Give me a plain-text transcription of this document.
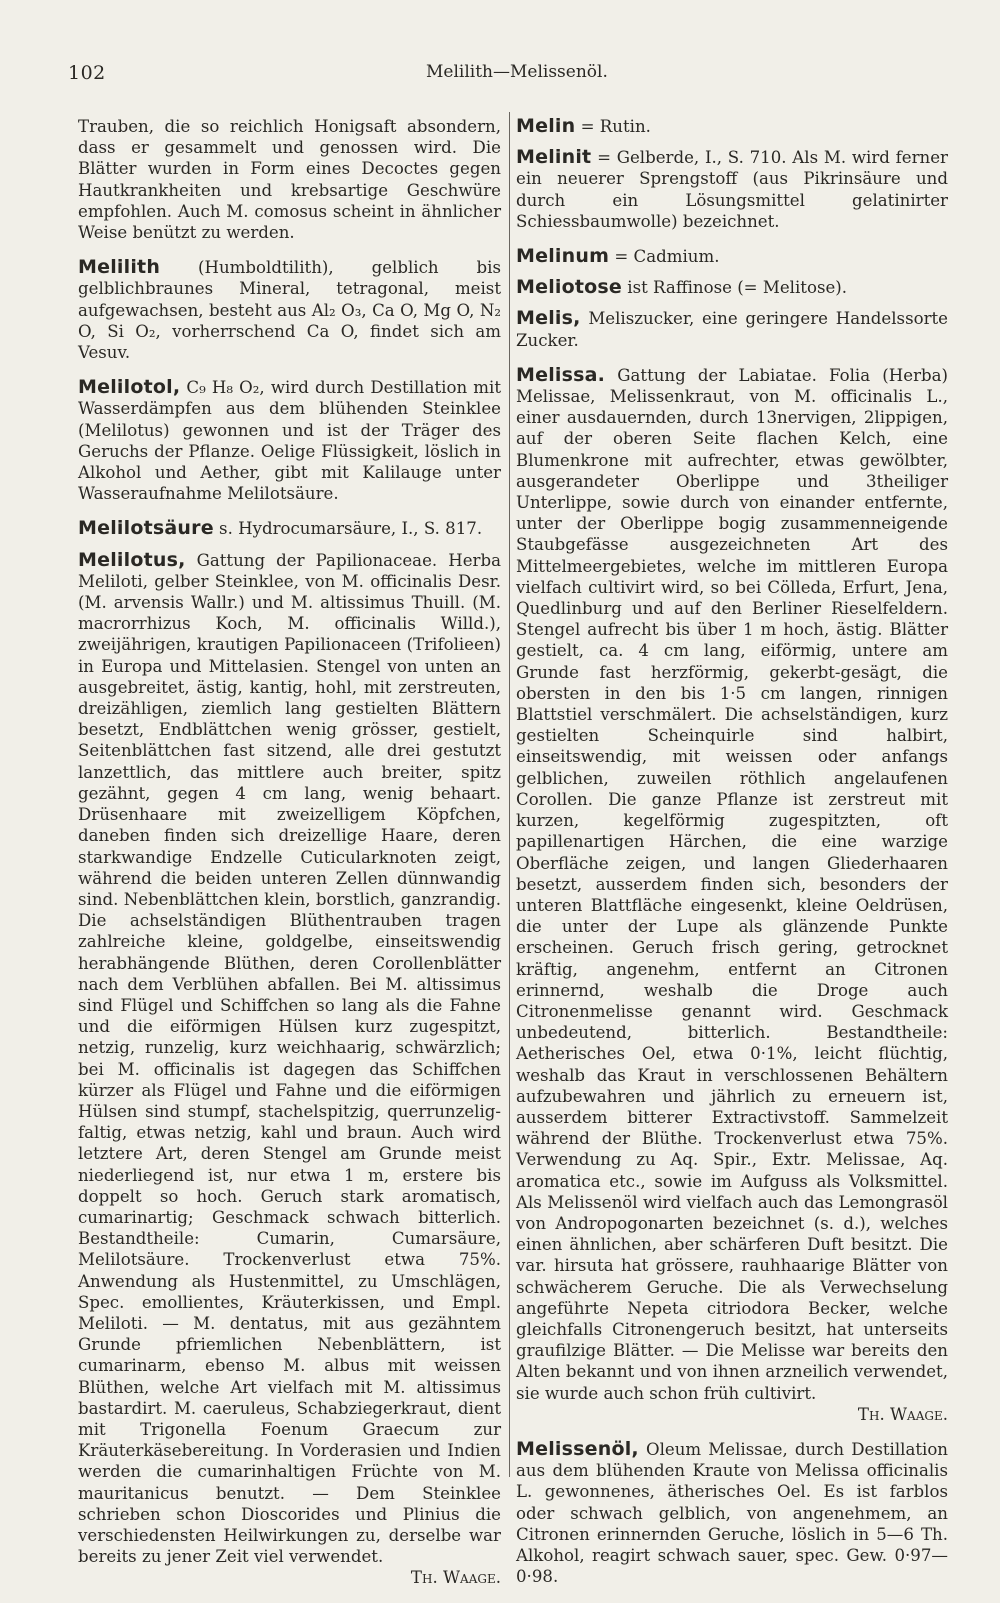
102	Melilith—Melissenöl.

Trauben, die so reichlich Honigsaft absondern, dass er gesammelt und genossen wird. Die Blätter wurden in Form eines Decoctes gegen Hautkrankheiten und krebsartige Geschwüre empfohlen. Auch M. comosus scheint in ähnlicher Weise benützt zu werden.

Melilith (Humboldtilith), gelblich bis gelblichbraunes Mineral, tetragonal, meist aufgewachsen, besteht aus Al₂ O₃, Ca O, Mg O, N₂ O, Si O₂, vorherrschend Ca O, findet sich am Vesuv.

Melilotol, C₉ H₈ O₂, wird durch Destillation mit Wasserdämpfen aus dem blühenden Steinklee (Melilotus) gewonnen und ist der Träger des Geruchs der Pflanze. Oelige Flüssigkeit, löslich in Alkohol und Aether, gibt mit Kalilauge unter Wasseraufnahme Melilotsäure.

Melilotsäure s. Hydrocumarsäure, I., S. 817.

Melilotus, Gattung der Papilionaceae. Herba Meliloti, gelber Steinklee, von M. officinalis Desr. (M. arvensis Wallr.) und M. altissimus Thuill. (M. macrorrhizus Koch, M. officinalis Willd.), zweijährigen, krautigen Papilionaceen (Trifolieen) in Europa und Mittelasien. Stengel von unten an ausgebreitet, ästig, kantig, hohl, mit zerstreuten, dreizähligen, ziemlich lang gestielten Blättern besetzt, Endblättchen wenig grösser, gestielt, Seitenblättchen fast sitzend, alle drei gestutzt lanzettlich, das mittlere auch breiter, spitz gezähnt, gegen 4 cm lang, wenig behaart. Drüsenhaare mit zweizelligem Köpfchen, daneben finden sich dreizellige Haare, deren starkwandige Endzelle Cuticularknoten zeigt, während die beiden unteren Zellen dünnwandig sind. Nebenblättchen klein, borstlich, ganzrandig. Die achselständigen Blüthentrauben tragen zahlreiche kleine, goldgelbe, einseitswendig herabhängende Blüthen, deren Corollenblätter nach dem Verblühen abfallen. Bei M. altissimus sind Flügel und Schiffchen so lang als die Fahne und die eiförmigen Hülsen kurz zugespitzt, netzig, runzelig, kurz weichhaarig, schwärzlich; bei M. officinalis ist dagegen das Schiffchen kürzer als Flügel und Fahne und die eiförmigen Hülsen sind stumpf, stachelspitzig, querrunzelig-faltig, etwas netzig, kahl und braun. Auch wird letztere Art, deren Stengel am Grunde meist niederliegend ist, nur etwa 1 m, erstere bis doppelt so hoch. Geruch stark aromatisch, cumarinartig; Geschmack schwach bitterlich. Bestandtheile: Cumarin, Cumarsäure, Melilotsäure. Trockenverlust etwa 75%. Anwendung als Hustenmittel, zu Umschlägen, Spec. emollientes, Kräuterkissen, und Empl. Meliloti. — M. dentatus, mit aus gezähntem Grunde pfriemlichen Nebenblättern, ist cumarinarm, ebenso M. albus mit weissen Blüthen, welche Art vielfach mit M. altissimus bastardirt. M. caeruleus, Schabziegerkraut, dient mit Trigonella Foenum Graecum zur Kräuterkäsebereitung. In Vorderasien und Indien werden die cumarinhaltigen Früchte von M. mauritanicus benutzt. — Dem Steinklee schrieben schon Dioscorides und Plinius die verschiedensten Heilwirkungen zu, derselbe war bereits zu jener Zeit viel verwendet.
Th. Waage.

Melin = Rutin.

Melinit = Gelberde, I., S. 710. Als M. wird ferner ein neuerer Sprengstoff (aus Pikrinsäure und durch ein Lösungsmittel gelatinirter Schiessbaumwolle) bezeichnet.

Melinum = Cadmium.

Meliotose ist Raffinose (= Melitose).

Melis, Meliszucker, eine geringere Handelssorte Zucker.

Melissa. Gattung der Labiatae. Folia (Herba) Melissae, Melissenkraut, von M. officinalis L., einer ausdauernden, durch 13nervigen, 2lippigen, auf der oberen Seite flachen Kelch, eine Blumenkrone mit aufrechter, etwas gewölbter, ausgerandeter Oberlippe und 3theiliger Unterlippe, sowie durch von einander entfernte, unter der Oberlippe bogig zusammenneigende Staubgefässe ausgezeichneten Art des Mittelmeergebietes, welche im mittleren Europa vielfach cultivirt wird, so bei Cölleda, Erfurt, Jena, Quedlinburg und auf den Berliner Rieselfeldern. Stengel aufrecht bis über 1 m hoch, ästig. Blätter gestielt, ca. 4 cm lang, eiförmig, untere am Grunde fast herzförmig, gekerbt-gesägt, die obersten in den bis 1·5 cm langen, rinnigen Blattstiel verschmälert. Die achselständigen, kurz gestielten Scheinquirle sind halbirt, einseitswendig, mit weissen oder anfangs gelblichen, zuweilen röthlich angelaufenen Corollen. Die ganze Pflanze ist zerstreut mit kurzen, kegelförmig zugespitzten, oft papillenartigen Härchen, die eine warzige Oberfläche zeigen, und langen Gliederhaaren besetzt, ausserdem finden sich, besonders der unteren Blattfläche eingesenkt, kleine Oeldrüsen, die unter der Lupe als glänzende Punkte erscheinen. Geruch frisch gering, getrocknet kräftig, angenehm, entfernt an Citronen erinnernd, weshalb die Droge auch Citronenmelisse genannt wird. Geschmack unbedeutend, bitterlich. Bestandtheile: Aetherisches Oel, etwa 0·1%, leicht flüchtig, weshalb das Kraut in verschlossenen Behältern aufzubewahren und jährlich zu erneuern ist, ausserdem bitterer Extractivstoff. Sammelzeit während der Blüthe. Trockenverlust etwa 75%. Verwendung zu Aq. Spir., Extr. Melissae, Aq. aromatica etc., sowie im Aufguss als Volksmittel. Als Melissenöl wird vielfach auch das Lemongrasöl von Andropogonarten bezeichnet (s. d.), welches einen ähnlichen, aber schärferen Duft besitzt. Die var. hirsuta hat grössere, rauhhaarige Blätter von schwächerem Geruche. Die als Verwechselung angeführte Nepeta citriodora Becker, welche gleichfalls Citronengeruch besitzt, hat unterseits graufilzige Blätter. — Die Melisse war bereits den Alten bekannt und von ihnen arzneilich verwendet, sie wurde auch schon früh cultivirt.
Th. Waage.

Melissenöl, Oleum Melissae, durch Destillation aus dem blühenden Kraute von Melissa officinalis L. gewonnenes, ätherisches Oel. Es ist farblos oder schwach gelblich, von angenehmem, an Citronen erinnernden Geruche, löslich in 5—6 Th. Alkohol, reagirt schwach sauer, spec. Gew. 0·97—0·98.
